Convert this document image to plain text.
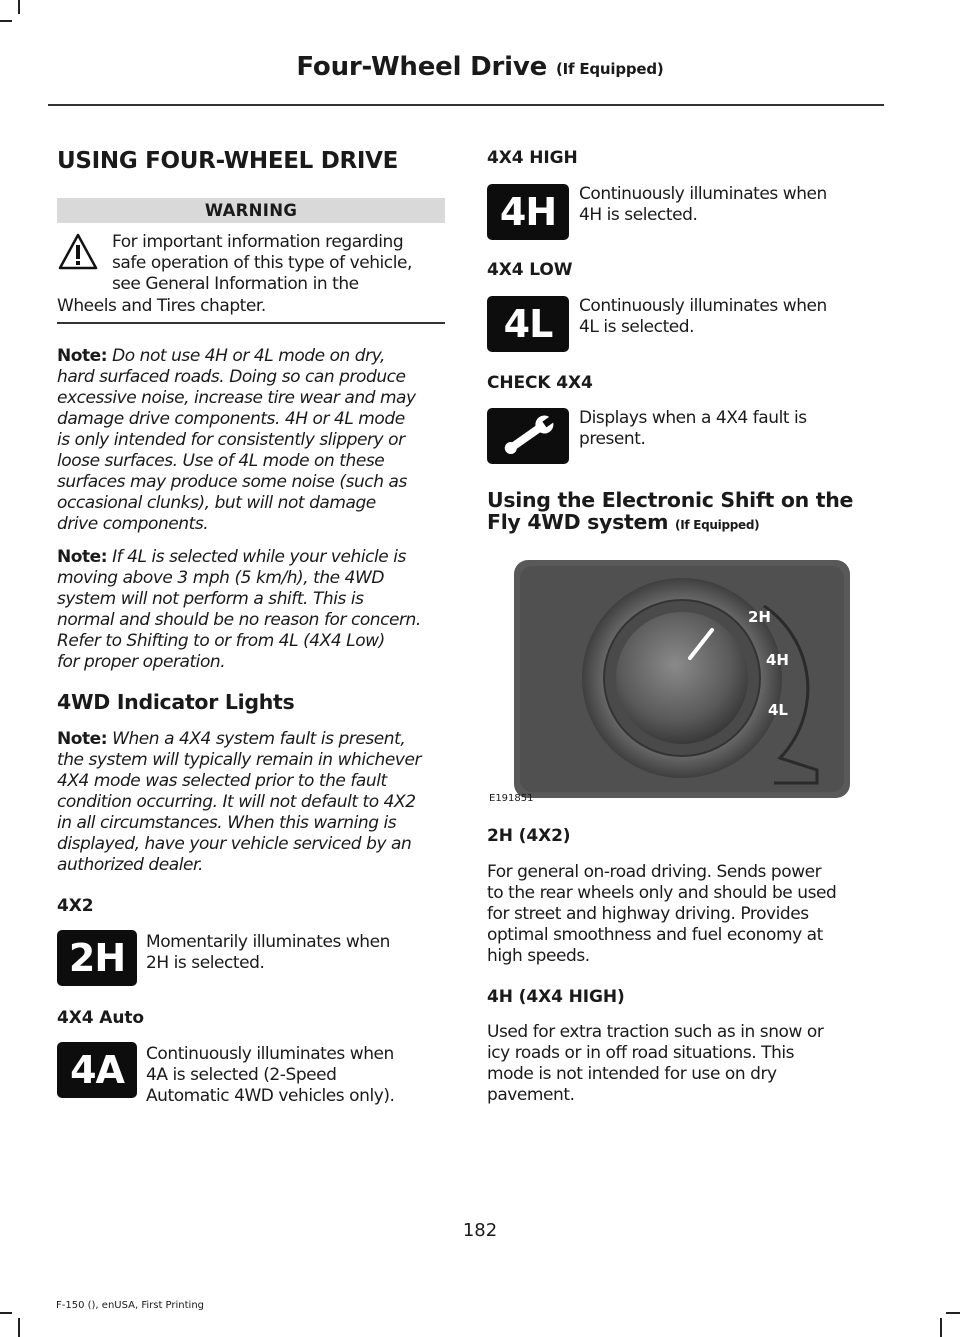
Four-Wheel Drive (If Equipped)
USING FOUR-WHEEL DRIVE
WARNING
For important information regarding
safe operation of this type of vehicle,
see General Information in the
Wheels and Tires chapter.
Note: Do not use 4H or 4L mode on dry,
hard surfaced roads. Doing so can produce
excessive noise, increase tire wear and may
damage drive components. 4H or 4L mode
is only intended for consistently slippery or
loose surfaces. Use of 4L mode on these
surfaces may produce some noise (such as
occasional clunks), but will not damage
drive components.
Note: If 4L is selected while your vehicle is
moving above 3 mph (5 km/h), the 4WD
system will not perform a shift. This is
normal and should be no reason for concern.
Refer to Shifting to or from 4L (4X4 Low)
for proper operation.
4WD Indicator Lights
Note: When a 4X4 system fault is present,
the system will typically remain in whichever
4X4 mode was selected prior to the fault
condition occurring. It will not default to 4X2
in all circumstances. When this warning is
displayed, have your vehicle serviced by an
authorized dealer.
4X2
2H	Momentarily illuminates when
2H is selected.
4X4 Auto
4A	Continuously illuminates when
4A is selected (2-Speed
Automatic 4WD vehicles only).
4X4 HIGH
4H	Continuously illuminates when
4H is selected.
4X4 LOW
4L	Continuously illuminates when
4L is selected.
CHECK 4X4
Displays when a 4X4 fault is
present.
Using the Electronic Shift on the
Fly 4WD system (If Equipped)
2H
4H
4L
E191851
2H (4X2)
For general on-road driving. Sends power
to the rear wheels only and should be used
for street and highway driving. Provides
optimal smoothness and fuel economy at
high speeds.
4H (4X4 HIGH)
Used for extra traction such as in snow or
icy roads or in off road situations. This
mode is not intended for use on dry
pavement.
182
F-150 (), enUSA, First Printing
